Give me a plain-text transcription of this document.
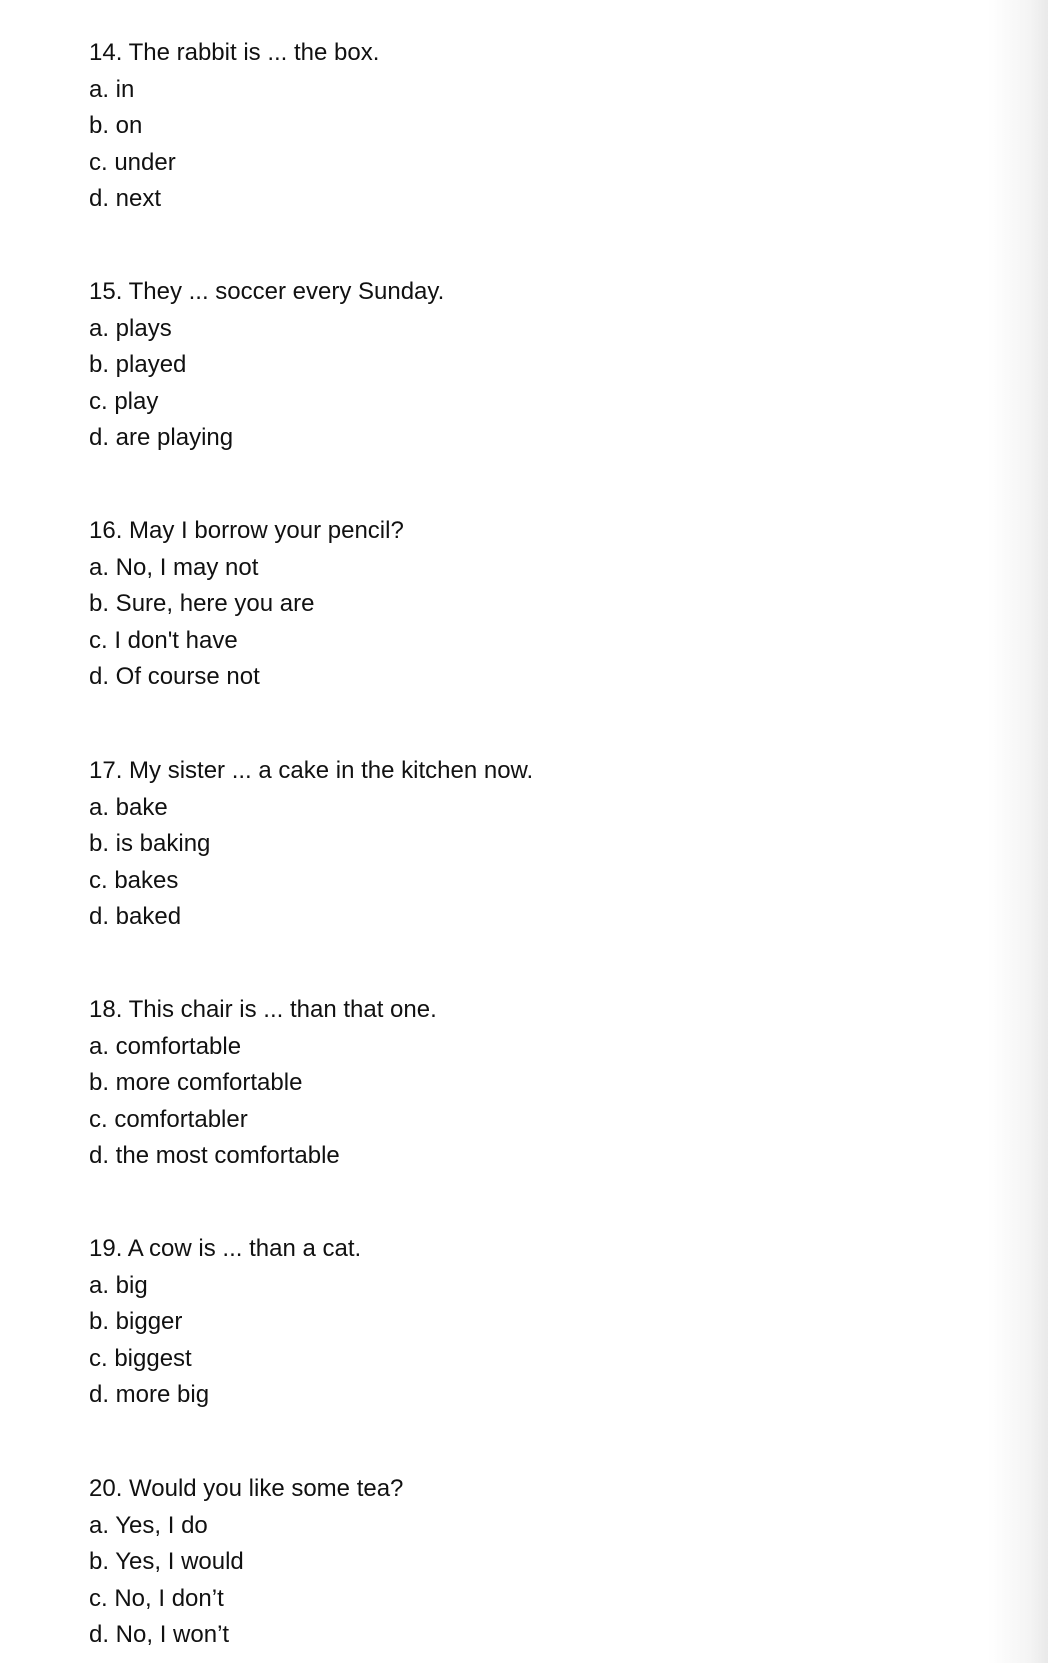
14. The rabbit is ... the box.
a. in
b. on
c. under
d. next
15. They ... soccer every Sunday.
a. plays
b. played
c. play
d. are playing
16. May I borrow your pencil?
a. No, I may not
b. Sure, here you are
c. I don't have
d. Of course not
17. My sister ... a cake in the kitchen now.
a. bake
b. is baking
c. bakes
d. baked
18. This chair is ... than that one.
a. comfortable
b. more comfortable
c. comfortabler
d. the most comfortable
19. A cow is ... than a cat.
a. big
b. bigger
c. biggest
d. more big
20. Would you like some tea?
a. Yes, I do
b. Yes, I would
c. No, I don’t
d. No, I won’t
